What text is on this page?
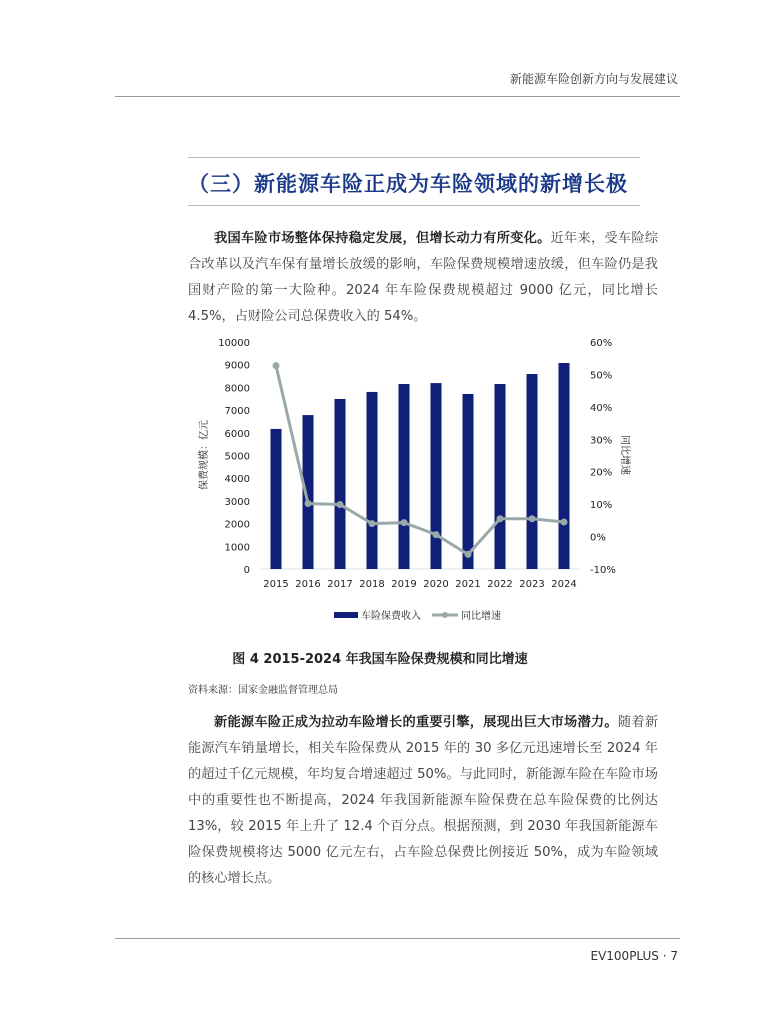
新能源车险创新方向与发展建议
（三）新能源车险正成为车险领域的新增长极
我国车险市场整体保持稳定发展，但增长动力有所变化。近年来，受车险综合改革以及汽车保有量增长放缓的影响，车险保费规模增速放缓，但车险仍是我国财产险的第一大险种。2024 年车险保费规模超过 9000 亿元，同比增长 4.5%，占财险公司总保费收入的 54%。
0
1000
2000
3000
4000
5000
6000
7000
8000
9000
10000
-10%
0%
10%
20%
30%
40%
50%
60%
2015 2016 2017 2018 2019 2020 2021 2022 2023 2024
保费规模：亿元	同比增速
车险保费收入	同比增速
图 4 2015-2024 年我国车险保费规模和同比增速
资料来源：国家金融监督管理总局
新能源车险正成为拉动车险增长的重要引擎，展现出巨大市场潜力。随着新能源汽车销量增长，相关车险保费从 2015 年的 30 多亿元迅速增长至 2024 年的超过千亿元规模，年均复合增速超过 50%。与此同时，新能源车险在车险市场中的重要性也不断提高，2024 年我国新能源车险保费在总车险保费的比例达 13%，较 2015 年上升了 12.4 个百分点。根据预测，到 2030 年我国新能源车险保费规模将达 5000 亿元左右，占车险总保费比例接近 50%，成为车险领域的核心增长点。
EV100PLUS · 7
